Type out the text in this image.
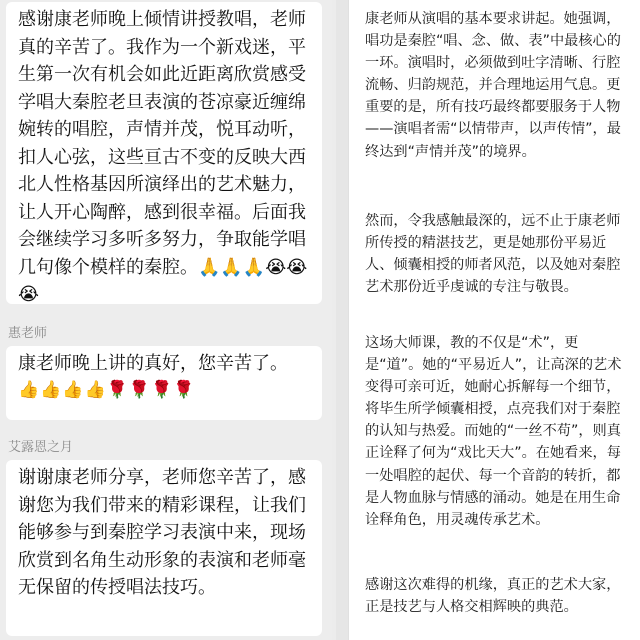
感谢康老师晚上倾情讲授教唱，老师真的辛苦了。我作为一个新戏迷，平生第一次有机会如此近距离欣赏感受学唱大秦腔老旦表演的苍凉豪近缠绵婉转的唱腔，声情并茂，悦耳动听，扣人心弦，这些亘古不变的反映大西北人性格基因所演绎出的艺术魅力，让人开心陶醉，感到很幸福。后面我会继续学习多听多努力，争取能学唱几句像个模样的秦腔。🙏🙏🙏😭😭😭
惠老师
康老师晚上讲的真好，您辛苦了。
👍👍👍👍🌹🌹🌹🌹
艾露恩之月
谢谢康老师分享，老师您辛苦了，感谢您为我们带来的精彩课程，让我们能够参与到秦腔学习表演中来，现场欣赏到名角生动形象的表演和老师毫无保留的传授唱法技巧。

康老师从演唱的基本要求讲起。她强调，唱功是秦腔“唱、念、做、表”中最核心的一环。演唱时，必须做到吐字清晰、行腔流畅、归韵规范，并合理地运用气息。更重要的是，所有技巧最终都要服务于人物——演唱者需“以情带声，以声传情”，最终达到“声情并茂”的境界。

然而，令我感触最深的，远不止于康老师所传授的精湛技艺，更是她那份平易近人、倾囊相授的师者风范，以及她对秦腔艺术那份近乎虔诚的专注与敬畏。

这场大师课，教的不仅是“术”，更是“道”。她的“平易近人”，让高深的艺术变得可亲可近，她耐心拆解每一个细节，将毕生所学倾囊相授，点亮我们对于秦腔的认知与热爱。而她的“一丝不苟”，则真正诠释了何为“戏比天大”。在她看来，每一处唱腔的起伏、每一个音韵的转折，都是人物血脉与情感的涌动。她是在用生命诠释角色，用灵魂传承艺术。

感谢这次难得的机缘，真正的艺术大家，正是技艺与人格交相辉映的典范。
